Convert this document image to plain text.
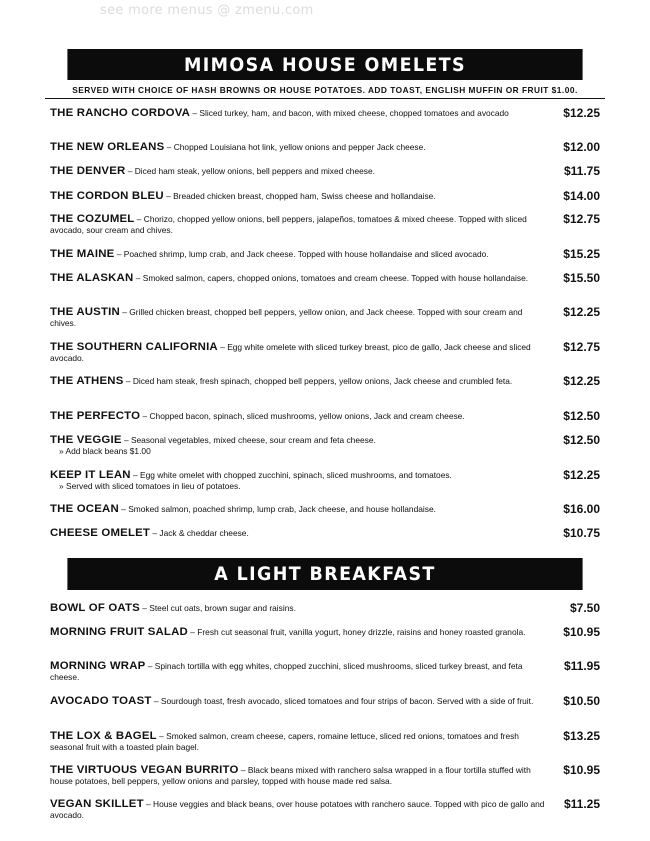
see more menus @ zmenu.com
MIMOSA HOUSE OMELETS
SERVED WITH CHOICE OF HASH BROWNS OR HOUSE POTATOES. ADD TOAST, ENGLISH MUFFIN OR FRUIT $1.00.
THE RANCHO CORDOVA – Sliced turkey, ham, and bacon, with mixed cheese, chopped tomatoes and avocado	$12.25
THE NEW ORLEANS – Chopped Louisiana hot link, yellow onions and pepper Jack cheese.	$12.00
THE DENVER – Diced ham steak, yellow onions, bell peppers and mixed cheese.	$11.75
THE CORDON BLEU – Breaded chicken breast, chopped ham, Swiss cheese and hollandaise.	$14.00
THE COZUMEL – Chorizo, chopped yellow onions, bell peppers, jalapeños, tomatoes & mixed cheese. Topped with sliced avocado, sour cream and chives.
$12.75
THE MAINE – Poached shrimp, lump crab, and Jack cheese. Topped with house hollandaise and sliced avocado.	$15.25
THE ALASKAN – Smoked salmon, capers, chopped onions, tomatoes and cream cheese. Topped with house hollandaise.	$15.50
THE AUSTIN – Grilled chicken breast, chopped bell peppers, yellow onion, and Jack cheese. Topped with sour cream and chives.
$12.25
THE SOUTHERN CALIFORNIA – Egg white omelete with sliced turkey breast, pico de gallo, Jack cheese and sliced avocado.
$12.75
THE ATHENS – Diced ham steak, fresh spinach, chopped bell peppers, yellow onions, Jack cheese and crumbled feta.	$12.25
THE PERFECTO – Chopped bacon, spinach, sliced mushrooms, yellow onions, Jack and cream cheese.	$12.50
THE VEGGIE – Seasonal vegetables, mixed cheese, sour cream and feta cheese.
» Add black beans $1.00
$12.50
KEEP IT LEAN – Egg white omelet with chopped zucchini, spinach, sliced mushrooms, and tomatoes.
» Served with sliced tomatoes in lieu of potatoes.
$12.25
THE OCEAN – Smoked salmon, poached shrimp, lump crab, Jack cheese, and house hollandaise.	$16.00
CHEESE OMELET – Jack & cheddar cheese.	$10.75
A LIGHT BREAKFAST
BOWL OF OATS – Steel cut oats, brown sugar and raisins.	$7.50
MORNING FRUIT SALAD – Fresh cut seasonal fruit, vanilla yogurt, honey drizzle, raisins and honey roasted granola.	$10.95
MORNING WRAP – Spinach tortilla with egg whites, chopped zucchini, sliced mushrooms, sliced turkey breast, and feta cheese.
$11.95
AVOCADO TOAST – Sourdough toast, fresh avocado, sliced tomatoes and four strips of bacon. Served with a side of fruit.	$10.50
THE LOX & BAGEL – Smoked salmon, cream cheese, capers, romaine lettuce, sliced red onions, tomatoes and fresh seasonal fruit with a toasted plain bagel.
$13.25
THE VIRTUOUS VEGAN BURRITO – Black beans mixed with ranchero salsa wrapped in a flour tortilla stuffed with house potatoes, bell peppers, yellow onions and parsley, topped with house made red salsa.
$10.95
VEGAN SKILLET – House veggies and black beans, over house potatoes with ranchero sauce. Topped with pico de gallo and avocado.
$11.25
